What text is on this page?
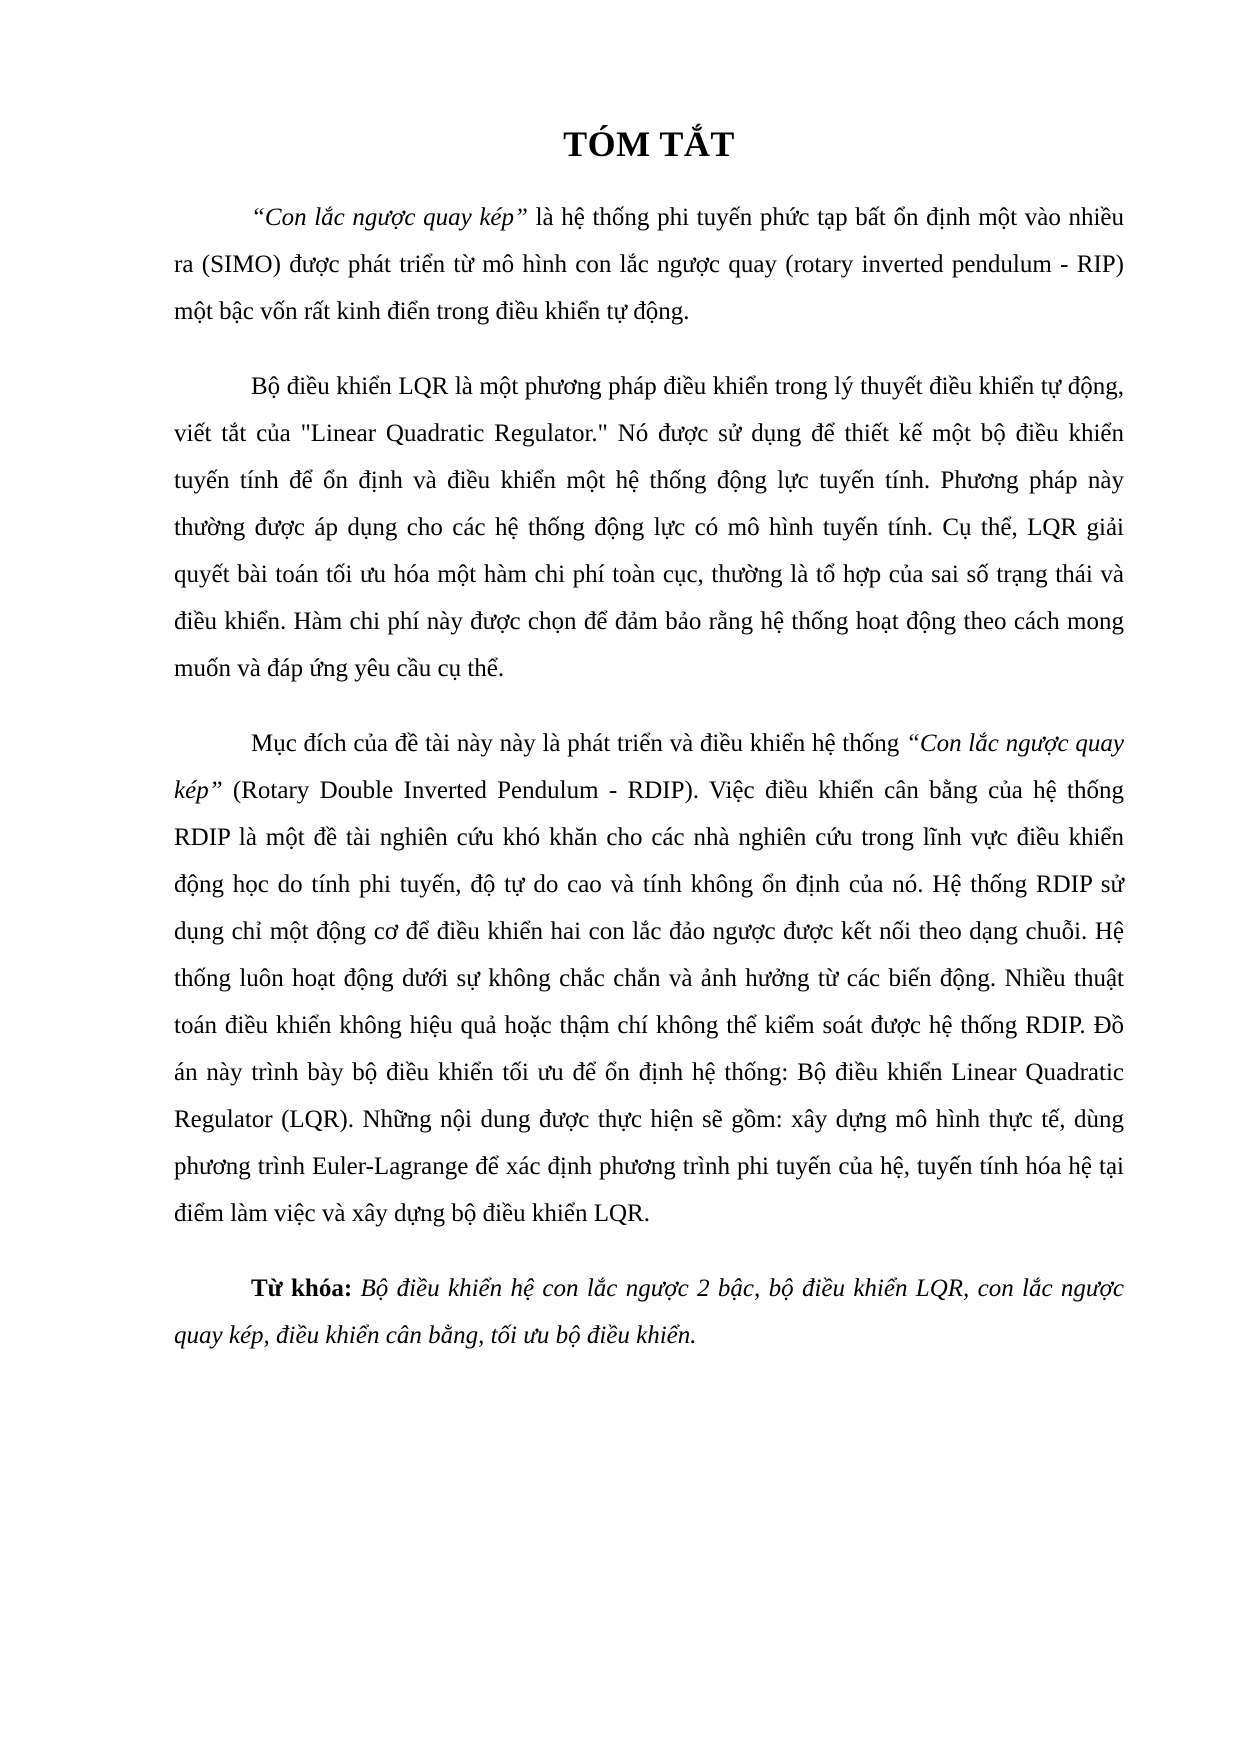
TÓM TẮT

“Con lắc ngược quay kép” là hệ thống phi tuyến phức tạp bất ổn định một vào nhiều ra (SIMO) được phát triển từ mô hình con lắc ngược quay (rotary inverted pendulum - RIP) một bậc vốn rất kinh điển trong điều khiển tự động.

Bộ điều khiển LQR là một phương pháp điều khiển trong lý thuyết điều khiển tự động, viết tắt của "Linear Quadratic Regulator." Nó được sử dụng để thiết kế một bộ điều khiển tuyến tính để ổn định và điều khiển một hệ thống động lực tuyến tính. Phương pháp này thường được áp dụng cho các hệ thống động lực có mô hình tuyến tính. Cụ thể, LQR giải quyết bài toán tối ưu hóa một hàm chi phí toàn cục, thường là tổ hợp của sai số trạng thái và điều khiển. Hàm chi phí này được chọn để đảm bảo rằng hệ thống hoạt động theo cách mong muốn và đáp ứng yêu cầu cụ thể.

Mục đích của đề tài này này là phát triển và điều khiển hệ thống “Con lắc ngược quay kép” (Rotary Double Inverted Pendulum - RDIP). Việc điều khiển cân bằng của hệ thống RDIP là một đề tài nghiên cứu khó khăn cho các nhà nghiên cứu trong lĩnh vực điều khiển động học do tính phi tuyến, độ tự do cao và tính không ổn định của nó. Hệ thống RDIP sử dụng chỉ một động cơ để điều khiển hai con lắc đảo ngược được kết nối theo dạng chuỗi. Hệ thống luôn hoạt động dưới sự không chắc chắn và ảnh hưởng từ các biến động. Nhiều thuật toán điều khiển không hiệu quả hoặc thậm chí không thể kiểm soát được hệ thống RDIP. Đồ án này trình bày bộ điều khiển tối ưu để ổn định hệ thống: Bộ điều khiển Linear Quadratic Regulator (LQR). Những nội dung được thực hiện sẽ gồm: xây dựng mô hình thực tế, dùng phương trình Euler-Lagrange để xác định phương trình phi tuyến của hệ, tuyến tính hóa hệ tại điểm làm việc và xây dựng bộ điều khiển LQR.

Từ khóa: Bộ điều khiển hệ con lắc ngược 2 bậc, bộ điều khiển LQR, con lắc ngược quay kép, điều khiển cân bằng, tối ưu bộ điều khiển.
